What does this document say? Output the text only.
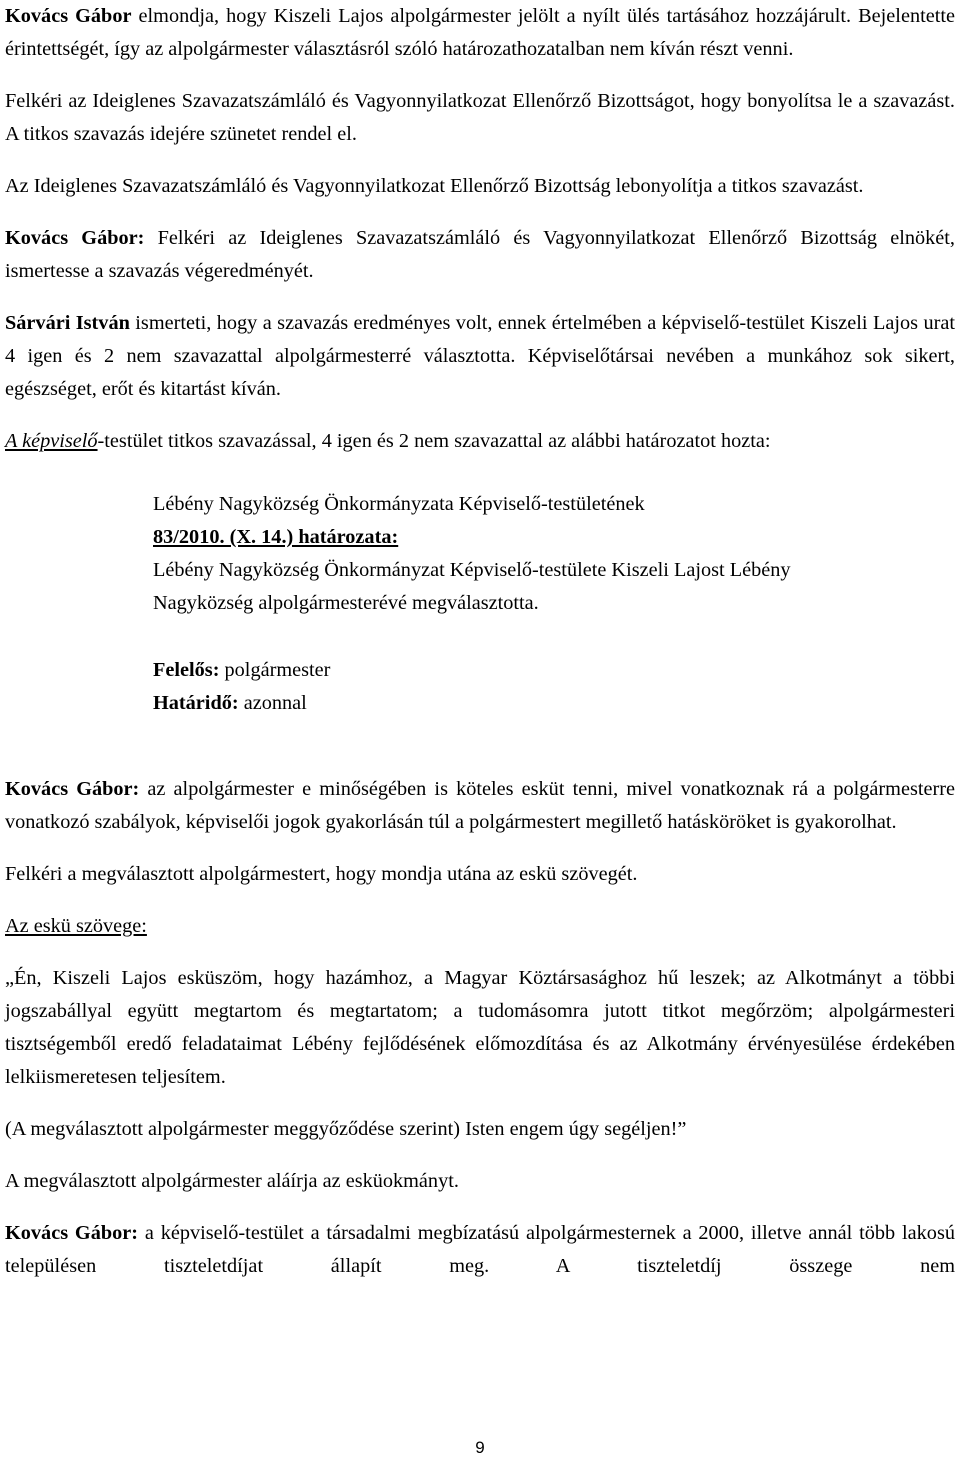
Kovács Gábor elmondja, hogy Kiszeli Lajos alpolgármester jelölt a nyílt ülés tartásához hozzájárult. Bejelentette érintettségét, így az alpolgármester választásról szóló határozathozatalban nem kíván részt venni.

Felkéri az Ideiglenes Szavazatszámláló és Vagyonnyilatkozat Ellenőrző Bizottságot, hogy bonyolítsa le a szavazást. A titkos szavazás idejére szünetet rendel el.

Az Ideiglenes Szavazatszámláló és Vagyonnyilatkozat Ellenőrző Bizottság lebonyolítja a titkos szavazást.

Kovács Gábor: Felkéri az Ideiglenes Szavazatszámláló és Vagyonnyilatkozat Ellenőrző Bizottság elnökét, ismertesse a szavazás végeredményét.

Sárvári István ismerteti, hogy a szavazás eredményes volt, ennek értelmében a képviselő-testület Kiszeli Lajos urat 4 igen és 2 nem szavazattal alpolgármesterré választotta. Képviselőtársai nevében a munkához sok sikert, egészséget, erőt és kitartást kíván.

A képviselő-testület titkos szavazással, 4 igen és 2 nem szavazattal az alábbi határozatot hozta:

Lébény Nagyközség Önkormányzata Képviselő-testületének

83/2010. (X. 14.) határozata:

Lébény Nagyközség Önkormányzat Képviselő-testülete Kiszeli Lajost Lébény Nagyközség alpolgármesterévé megválasztotta.

Felelős: polgármester

Határidő: azonnal

Kovács Gábor: az alpolgármester e minőségében is köteles esküt tenni, mivel vonatkoznak rá a polgármesterre vonatkozó szabályok, képviselői jogok gyakorlásán túl a polgármestert megillető hatásköröket is gyakorolhat.

Felkéri a megválasztott alpolgármestert, hogy mondja utána az eskü szövegét.

Az eskü szövege:

„Én, Kiszeli Lajos esküszöm, hogy hazámhoz, a Magyar Köztársasághoz hű leszek; az Alkotmányt a többi jogszabállyal együtt megtartom és megtartatom; a tudomásomra jutott titkot megőrzöm; alpolgármesteri tisztségemből eredő feladataimat Lébény fejlődésének előmozdítása és az Alkotmány érvényesülése érdekében lelkiismeretesen teljesítem.

(A megválasztott alpolgármester meggyőződése szerint) Isten engem úgy segéljen!”

A megválasztott alpolgármester aláírja az esküokmányt.

Kovács Gábor: a képviselő-testület a társadalmi megbízatású alpolgármesternek a 2000, illetve annál több lakosú településen tiszteletdíjat állapít meg. A tiszteletdíj összege nem

9
